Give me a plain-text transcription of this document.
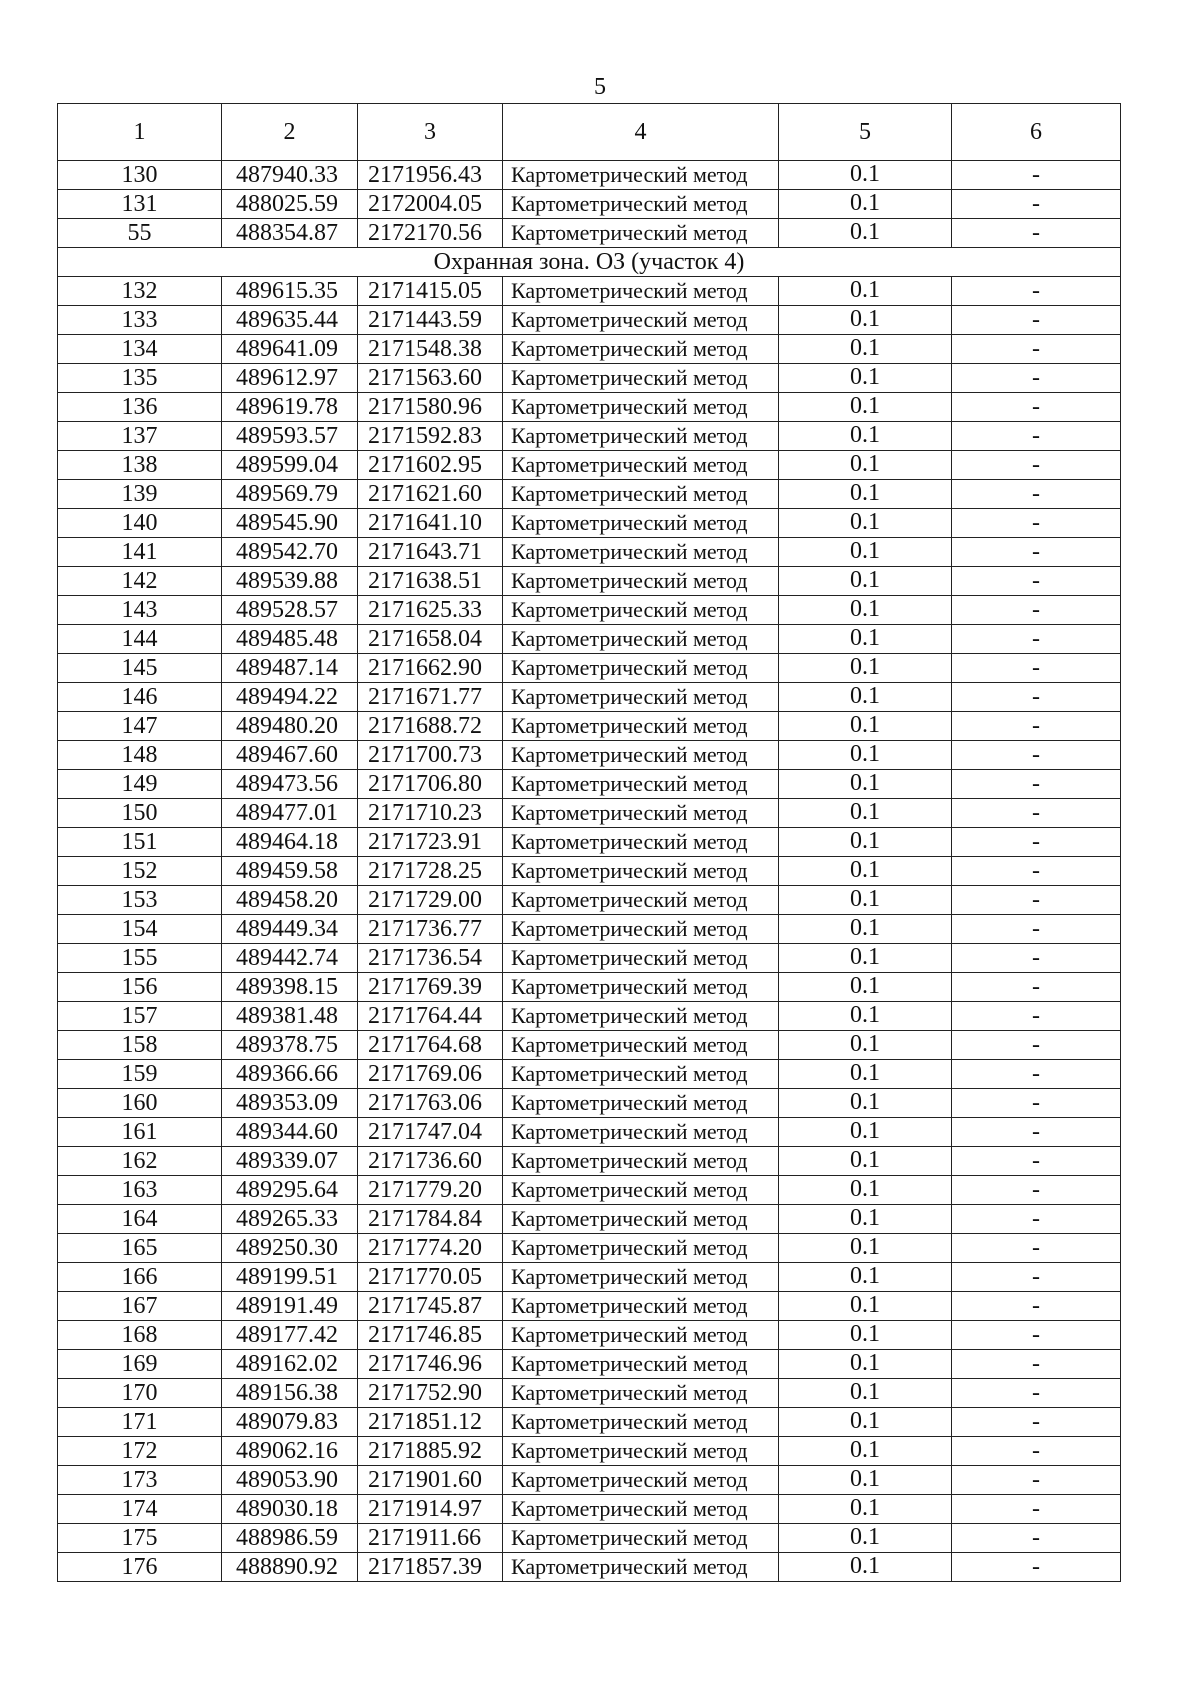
5
1	2	3	4	5	6
130	487940.33	2171956.43	Картометрический метод	0.1	-
131	488025.59	2172004.05	Картометрический метод	0.1	-
55	488354.87	2172170.56	Картометрический метод	0.1	-
Охранная зона. ОЗ (участок 4)					
132	489615.35	2171415.05	Картометрический метод	0.1	-
133	489635.44	2171443.59	Картометрический метод	0.1	-
134	489641.09	2171548.38	Картометрический метод	0.1	-
135	489612.97	2171563.60	Картометрический метод	0.1	-
136	489619.78	2171580.96	Картометрический метод	0.1	-
137	489593.57	2171592.83	Картометрический метод	0.1	-
138	489599.04	2171602.95	Картометрический метод	0.1	-
139	489569.79	2171621.60	Картометрический метод	0.1	-
140	489545.90	2171641.10	Картометрический метод	0.1	-
141	489542.70	2171643.71	Картометрический метод	0.1	-
142	489539.88	2171638.51	Картометрический метод	0.1	-
143	489528.57	2171625.33	Картометрический метод	0.1	-
144	489485.48	2171658.04	Картометрический метод	0.1	-
145	489487.14	2171662.90	Картометрический метод	0.1	-
146	489494.22	2171671.77	Картометрический метод	0.1	-
147	489480.20	2171688.72	Картометрический метод	0.1	-
148	489467.60	2171700.73	Картометрический метод	0.1	-
149	489473.56	2171706.80	Картометрический метод	0.1	-
150	489477.01	2171710.23	Картометрический метод	0.1	-
151	489464.18	2171723.91	Картометрический метод	0.1	-
152	489459.58	2171728.25	Картометрический метод	0.1	-
153	489458.20	2171729.00	Картометрический метод	0.1	-
154	489449.34	2171736.77	Картометрический метод	0.1	-
155	489442.74	2171736.54	Картометрический метод	0.1	-
156	489398.15	2171769.39	Картометрический метод	0.1	-
157	489381.48	2171764.44	Картометрический метод	0.1	-
158	489378.75	2171764.68	Картометрический метод	0.1	-
159	489366.66	2171769.06	Картометрический метод	0.1	-
160	489353.09	2171763.06	Картометрический метод	0.1	-
161	489344.60	2171747.04	Картометрический метод	0.1	-
162	489339.07	2171736.60	Картометрический метод	0.1	-
163	489295.64	2171779.20	Картометрический метод	0.1	-
164	489265.33	2171784.84	Картометрический метод	0.1	-
165	489250.30	2171774.20	Картометрический метод	0.1	-
166	489199.51	2171770.05	Картометрический метод	0.1	-
167	489191.49	2171745.87	Картометрический метод	0.1	-
168	489177.42	2171746.85	Картометрический метод	0.1	-
169	489162.02	2171746.96	Картометрический метод	0.1	-
170	489156.38	2171752.90	Картометрический метод	0.1	-
171	489079.83	2171851.12	Картометрический метод	0.1	-
172	489062.16	2171885.92	Картометрический метод	0.1	-
173	489053.90	2171901.60	Картометрический метод	0.1	-
174	489030.18	2171914.97	Картометрический метод	0.1	-
175	488986.59	2171911.66	Картометрический метод	0.1	-
176	488890.92	2171857.39	Картометрический метод	0.1	-
